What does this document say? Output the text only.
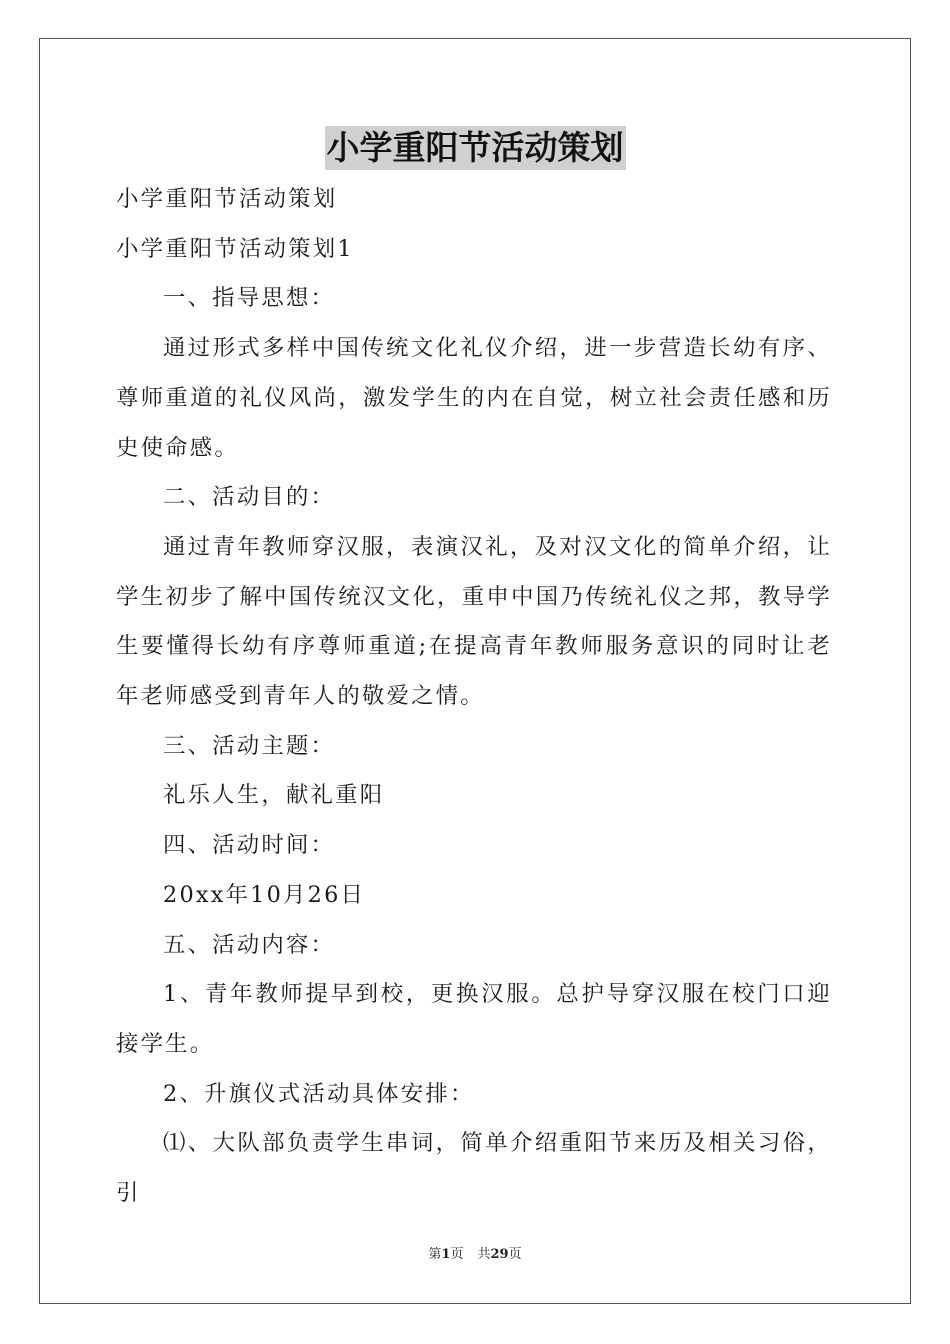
小学重阳节活动策划

小学重阳节活动策划

小学重阳节活动策划1

一、指导思想：

通过形式多样中国传统文化礼仪介绍，进一步营造长幼有序、尊师重道的礼仪风尚，激发学生的内在自觉，树立社会责任感和历史使命感。

二、活动目的：

通过青年教师穿汉服，表演汉礼，及对汉文化的简单介绍，让学生初步了解中国传统汉文化，重申中国乃传统礼仪之邦，教导学生要懂得长幼有序尊师重道;在提高青年教师服务意识的同时让老年老师感受到青年人的敬爱之情。

三、活动主题：

礼乐人生，献礼重阳

四、活动时间：

20xx年10月26日

五、活动内容：

1、青年教师提早到校，更换汉服。总护导穿汉服在校门口迎接学生。

2、升旗仪式活动具体安排：

⑴、大队部负责学生串词，简单介绍重阳节来历及相关习俗，引

第1页 共29页
